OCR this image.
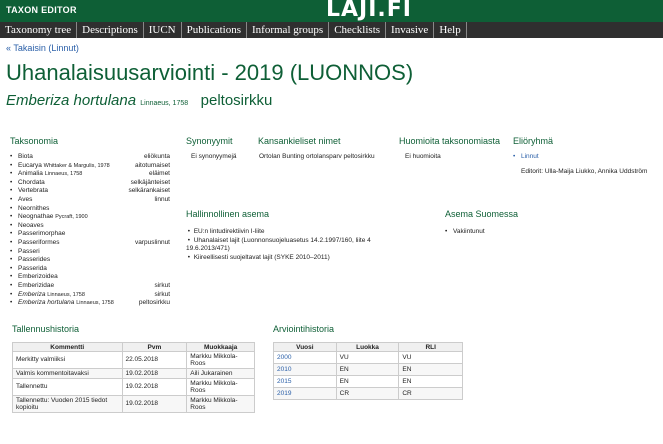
TAXON EDITOR	LAJI.FI
Taxonomy tree	Descriptions	IUCN	Publications	Informal groups	Checklists	Invasive	Help
« Takaisin (Linnut)
Uhanalaisuusarviointi - 2019 (LUONNOS)
Emberiza hortulana Linnaeus, 1758 peltosirkku
Taksonomia
• Biota	eliökunta
• Eucarya Whittaker & Margulis, 1978	aitotumaiset
• Animalia Linnaeus, 1758	eläimet
• Chordata	selkäjänteiset
• Vertebrata	selkärankaiset
• Aves	linnut
• Neornithes
• Neognathae Pycraft, 1900
• Neoaves
• Passerimorphae
• Passeriformes	varpuslinnut
• Passeri
• Passerides
• Passerida
• Emberizoidea
• Emberizidae	sirkut
• Emberiza Linnaeus, 1758	sirkut
• Emberiza hortulana Linnaeus, 1758	peltosirkku
Synonyymit
Ei synonyymejä
Kansankieliset nimet
Ortolan Bunting ortolansparv peltosirkku
Huomioita taksonomiasta
Ei huomioita
Eliöryhmä
• Linnut
Editorit: Ulla-Maija Liukko, Annika Uddström
Hallinnollinen asema
•  EU:n lintudirektiivin I-liite
•  Uhanalaiset lajit (Luonnonsuojeluasetus 14.2.1997/160, liite 4
19.6.2013/471)
•  Kiireellisesti suojeltavat lajit (SYKE 2010–2011)
Asema Suomessa
• Vakiintunut
Tallennushistoria
Kommentti	Pvm	Muokkaaja
Merkitty valmiiksi	22.05.2018	Markku Mikkola-Roos
Valmis kommentoitavaksi	19.02.2018	Aili Jukarainen
Tallennettu	19.02.2018	Markku Mikkola-Roos
Tallennettu: Vuoden 2015 tiedot kopioitu	19.02.2018	Markku Mikkola-Roos
Arviointihistoria
Vuosi	Luokka	RLI
2000	VU	VU
2010	EN	EN
2015	EN	EN
2019	CR	CR
